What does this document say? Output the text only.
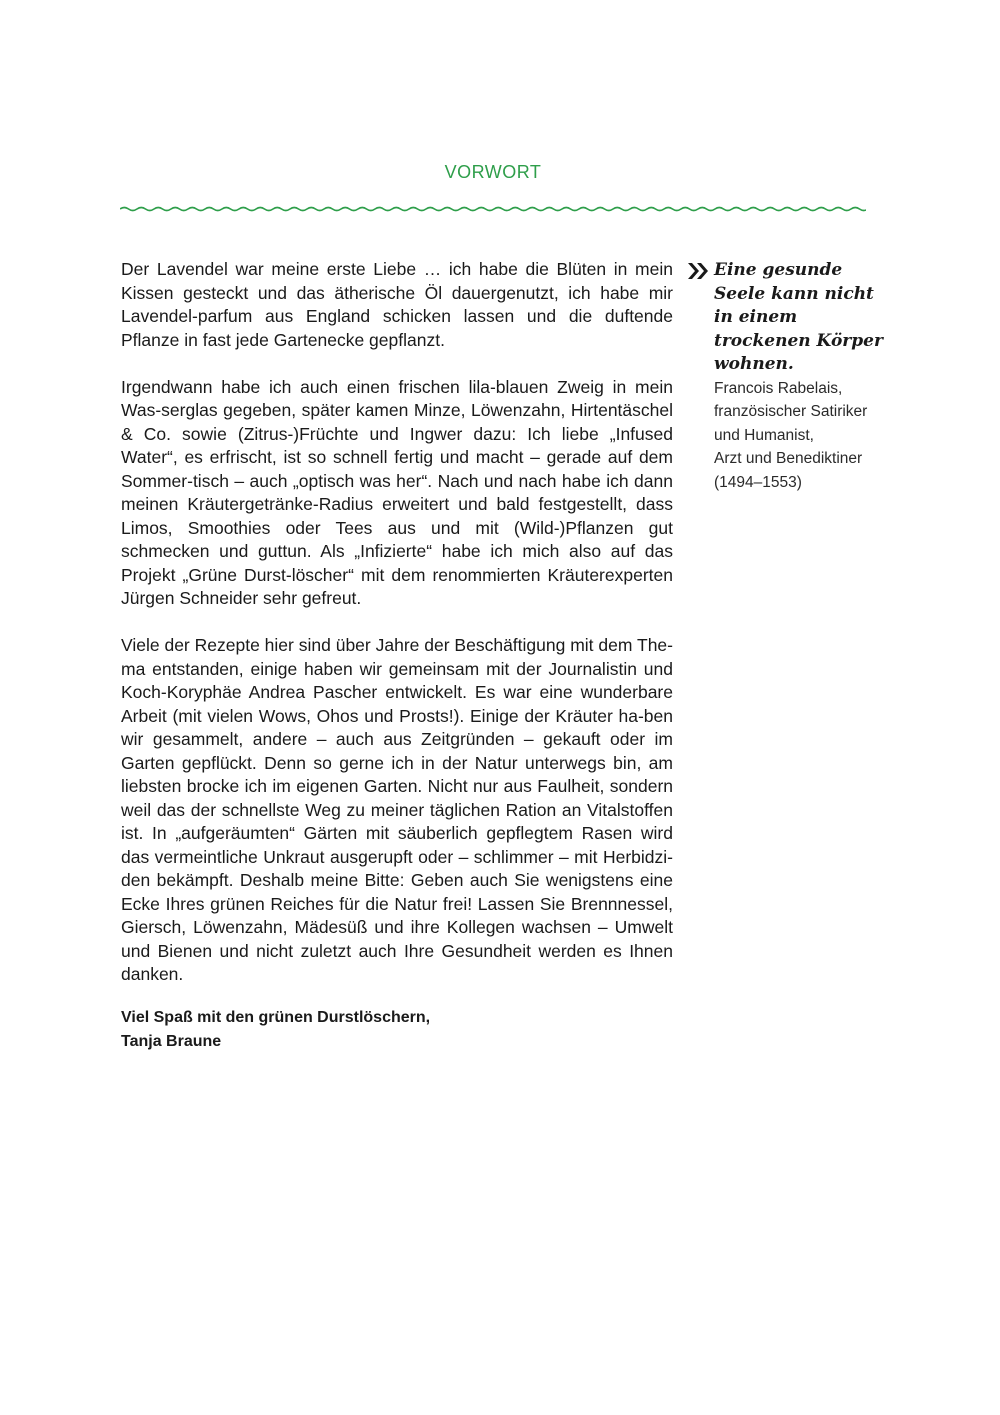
VORWORT

Der Lavendel war meine erste Liebe … ich habe die Blüten in mein Kissen gesteckt und das ätherische Öl dauergenutzt, ich habe mir Lavendel-parfum aus England schicken lassen und die duftende Pflanze in fast jede Gartenecke gepflanzt.

Irgendwann habe ich auch einen frischen lila-blauen Zweig in mein Was-serglas gegeben, später kamen Minze, Löwenzahn, Hirtentäschel & Co. sowie (Zitrus-)Früchte und Ingwer dazu: Ich liebe „Infused Water“, es erfrischt, ist so schnell fertig und macht – gerade auf dem Sommer-tisch – auch „optisch was her“. Nach und nach habe ich dann meinen Kräutergetränke-Radius erweitert und bald festgestellt, dass Limos, Smoothies oder Tees aus und mit (Wild-)Pflanzen gut schmecken und guttun. Als „Infizierte“ habe ich mich also auf das Projekt „Grüne Durst-löscher“ mit dem renommierten Kräuterexperten Jürgen Schneider sehr gefreut.

Viele der Rezepte hier sind über Jahre der Beschäftigung mit dem The-ma entstanden, einige haben wir gemeinsam mit der Journalistin und Koch-Koryphäe Andrea Pascher entwickelt. Es war eine wunderbare Arbeit (mit vielen Wows, Ohos und Prosts!). Einige der Kräuter ha-ben wir gesammelt, andere – auch aus Zeitgründen – gekauft oder im Garten gepflückt. Denn so gerne ich in der Natur unterwegs bin, am liebsten brocke ich im eigenen Garten. Nicht nur aus Faulheit, sondern weil das der schnellste Weg zu meiner täglichen Ration an Vitalstoffen ist. In „aufgeräumten“ Gärten mit säuberlich gepflegtem Rasen wird das vermeintliche Unkraut ausgerupft oder – schlimmer – mit Herbidzi-den bekämpft. Deshalb meine Bitte: Geben auch Sie wenigstens eine Ecke Ihres grünen Reiches für die Natur frei! Lassen Sie Brennnessel, Giersch, Löwenzahn, Mädesüß und ihre Kollegen wachsen – Umwelt und Bienen und nicht zuletzt auch Ihre Gesundheit werden es Ihnen danken.

Viel Spaß mit den grünen Durstlöschern,
Tanja Braune
Eine gesunde Seele kann nicht in einem trockenen Körper wohnen.
Francois Rabelais,
französischer Satiriker
und Humanist,
Arzt und Benediktiner
(1494–1553)
